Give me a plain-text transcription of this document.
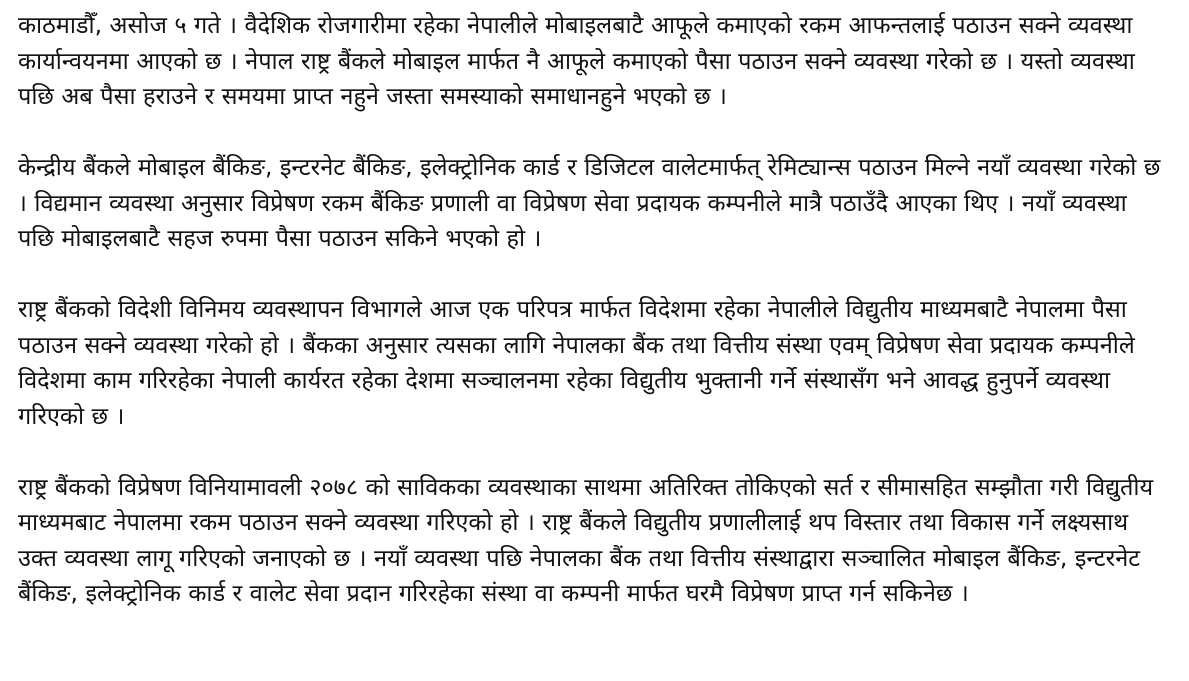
काठमाडौँ, असोज ५ गते । वैदेशिक रोजगारीमा रहेका नेपालीले मोबाइलबाटै आफूले कमाएको रकम आफन्तलाई पठाउन सक्ने व्यवस्था कार्यान्वयनमा आएको छ । नेपाल राष्ट्र बैंकले मोबाइल मार्फत नै आफूले कमाएको पैसा पठाउन सक्ने व्यवस्था गरेको छ । यस्तो व्यवस्था पछि अब पैसा हराउने र समयमा प्राप्त नहुने जस्ता समस्याको समाधानहुने भएको छ ।

केन्द्रीय बैंकले मोबाइल बैंकिङ, इन्टरनेट बैंकिङ, इलेक्ट्रोनिक कार्ड र डिजिटल वालेटमार्फत् रेमिट्यान्स पठाउन मिल्ने नयाँ व्यवस्था गरेको छ । विद्यमान व्यवस्था अनुसार विप्रेषण रकम बैंकिङ प्रणाली वा विप्रेषण सेवा प्रदायक कम्पनीले मात्रै पठाउँदै आएका थिए । नयाँ व्यवस्था पछि मोबाइलबाटै सहज रुपमा पैसा पठाउन सकिने भएको हो ।

राष्ट्र बैंकको विदेशी विनिमय व्यवस्थापन विभागले आज एक परिपत्र मार्फत विदेशमा रहेका नेपालीले विद्युतीय माध्यमबाटै नेपालमा पैसा पठाउन सक्ने व्यवस्था गरेको हो । बैंकका अनुसार त्यसका लागि नेपालका बैंक तथा वित्तीय संस्था एवम् विप्रेषण सेवा प्रदायक कम्पनीले विदेशमा काम गरिरहेका नेपाली कार्यरत रहेका देशमा सञ्चालनमा रहेका विद्युतीय भुक्तानी गर्ने संस्थासँग भने आवद्ध हुनुपर्ने व्यवस्था गरिएको छ ।

राष्ट्र बैंकको विप्रेषण विनियामावली २०७८ को साविकका व्यवस्थाका साथमा अतिरिक्त तोकिएको सर्त र सीमासहित सम्झौता गरी विद्युतीय माध्यमबाट नेपालमा रकम पठाउन सक्ने व्यवस्था गरिएको हो । राष्ट्र बैंकले विद्युतीय प्रणालीलाई थप विस्तार तथा विकास गर्ने लक्ष्यसाथ उक्त व्यवस्था लागू गरिएको जनाएको छ । नयाँ व्यवस्था पछि नेपालका बैंक तथा वित्तीय संस्थाद्वारा सञ्चालित मोबाइल बैंकिङ, इन्टरनेट बैंकिङ, इलेक्ट्रोनिक कार्ड र वालेट सेवा प्रदान गरिरहेका संस्था वा कम्पनी मार्फत घरमै विप्रेषण प्राप्त गर्न सकिनेछ ।
